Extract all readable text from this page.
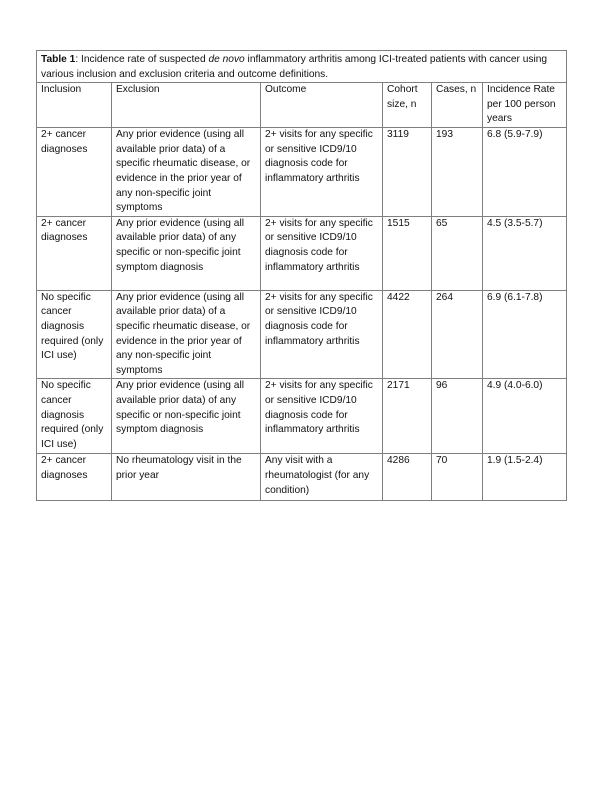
Table 1: Incidence rate of suspected de novo inflammatory arthritis among ICI-treated patients with cancer using various inclusion and exclusion criteria and outcome definitions.					
Inclusion	Exclusion	Outcome	Cohort size, n	Cases, n	Incidence Rate per 100 person years
2+ cancer diagnoses	Any prior evidence (using all available prior data) of a specific rheumatic disease, or evidence in the prior year of any non-specific joint symptoms	2+ visits for any specific or sensitive ICD9/10 diagnosis code for inflammatory arthritis	3119	193	6.8 (5.9-7.9)
2+ cancer diagnoses	Any prior evidence (using all available prior data) of any specific or non-specific joint symptom diagnosis	2+ visits for any specific or sensitive ICD9/10 diagnosis code for inflammatory arthritis	1515	65	4.5 (3.5-5.7)
No specific cancer diagnosis required (only ICI use)	Any prior evidence (using all available prior data) of a specific rheumatic disease, or evidence in the prior year of any non-specific joint symptoms	2+ visits for any specific or sensitive ICD9/10 diagnosis code for inflammatory arthritis	4422	264	6.9 (6.1-7.8)
No specific cancer diagnosis required (only ICI use)	Any prior evidence (using all available prior data) of any specific or non-specific joint symptom diagnosis	2+ visits for any specific or sensitive ICD9/10 diagnosis code for inflammatory arthritis	2171	96	4.9 (4.0-6.0)
2+ cancer diagnoses	No rheumatology visit in the prior year	Any visit with a rheumatologist (for any condition)	4286	70	1.9 (1.5-2.4)
